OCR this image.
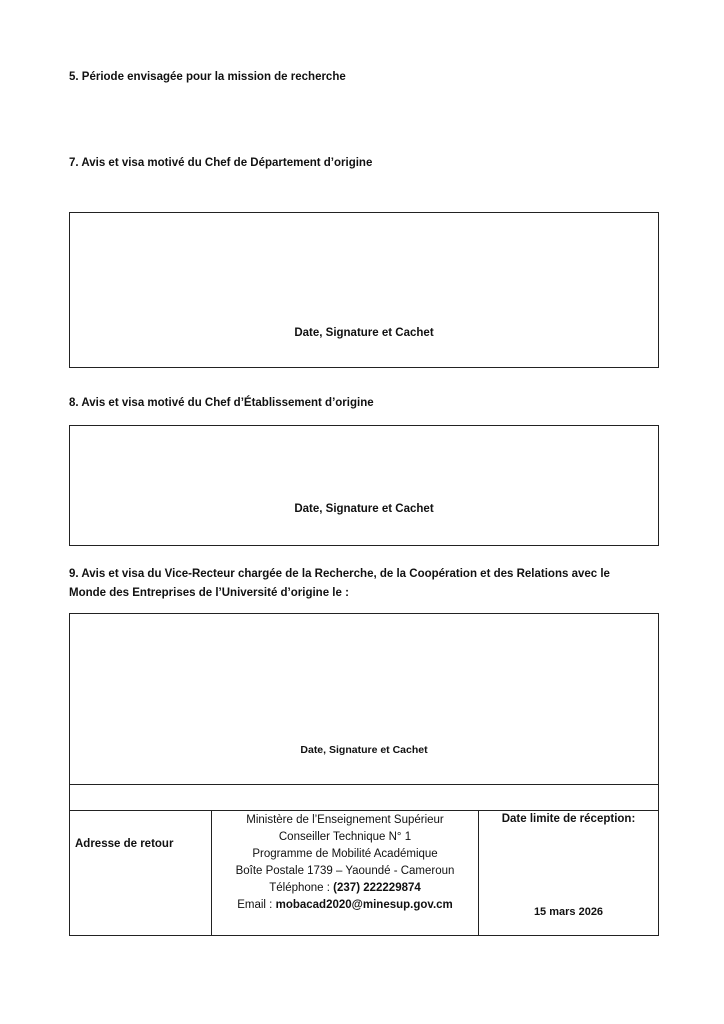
5. Période envisagée pour la mission de recherche
7. Avis et visa motivé du Chef de Département d’origine
Date, Signature et Cachet
8. Avis et visa motivé du Chef d’Établissement d’origine
Date, Signature et Cachet
9. Avis et visa du Vice-Recteur chargée de la Recherche, de la Coopération et des Relations avec le
Monde des Entreprises de l’Université d’origine le :
Date, Signature et Cachet
Adresse de retour
Ministère de l’Enseignement Supérieur
Conseiller Technique N° 1
Programme de Mobilité Académique
Boîte Postale 1739 – Yaoundé - Cameroun
Téléphone : (237) 222229874
Email : mobacad2020@minesup.gov.cm
Date limite de réception:
15 mars 2026
